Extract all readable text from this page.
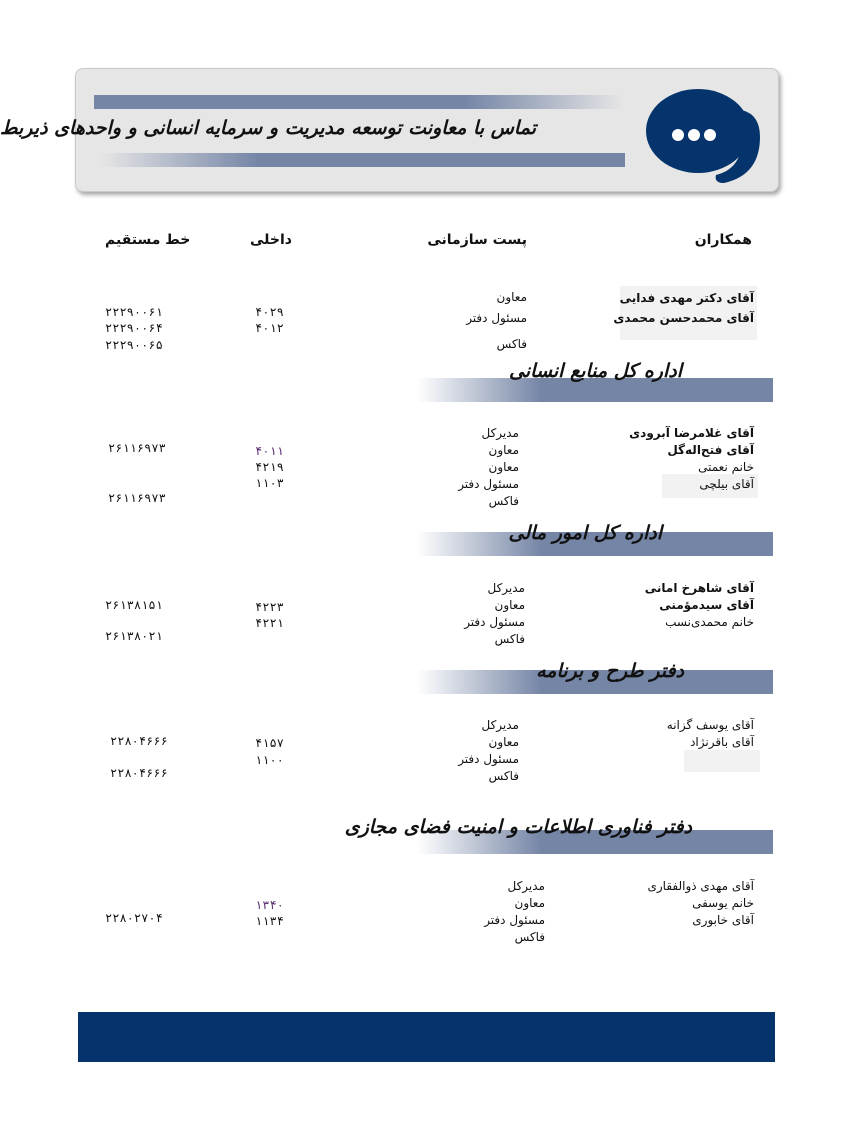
تماس با معاونت توسعه مدیریت و سرمایه انسانی و واحدهای ذیربط
همکاران
پست سازمانی
داخلی
خط مستقیم
آقای دکتر مهدی فدایی
آقای محمدحسن محمدی
معاون
مسئول دفتر
فاکس
۴۰۲۹
۴۰۱۲
۲۲۲۹۰۰۶۱
۲۲۲۹۰۰۶۴
۲۲۲۹۰۰۶۵
اداره کل منابع انسانی
آقای غلامرضا آبرودی
آقای فتح‌اله‌گل
خانم نعمتی
آقای بیلچی
مدیرکل
معاون
معاون
مسئول دفتر
فاکس
۴۰۱۱
۴۲۱۹
۱۱۰۳
۲۶۱۱۶۹۷۳
۲۶۱۱۶۹۷۳
اداره کل امور مالی
آقای شاهرخ امانی
آقای سیدمؤمنی
خانم محمدی‌نسب
مدیرکل
معاون
مسئول دفتر
فاکس
۴۲۲۳
۴۲۲۱
۲۶۱۳۸۱۵۱
۲۶۱۳۸۰۲۱
دفتر طرح و برنامه
آقای یوسف گزانه
آقای باقرنژاد
مدیرکل
معاون
مسئول دفتر
فاکس
۴۱۵۷
۱۱۰۰
۲۲۸۰۴۶۶۶
۲۲۸۰۴۶۶۶
دفتر فناوری اطلاعات و امنیت فضای مجازی
آقای مهدی ذوالفقاری
خانم یوسفی
آقای خابوری
مدیرکل
معاون
مسئول دفتر
فاکس
۱۳۴۰
۱۱۳۴
۲۲۸۰۲۷۰۴
